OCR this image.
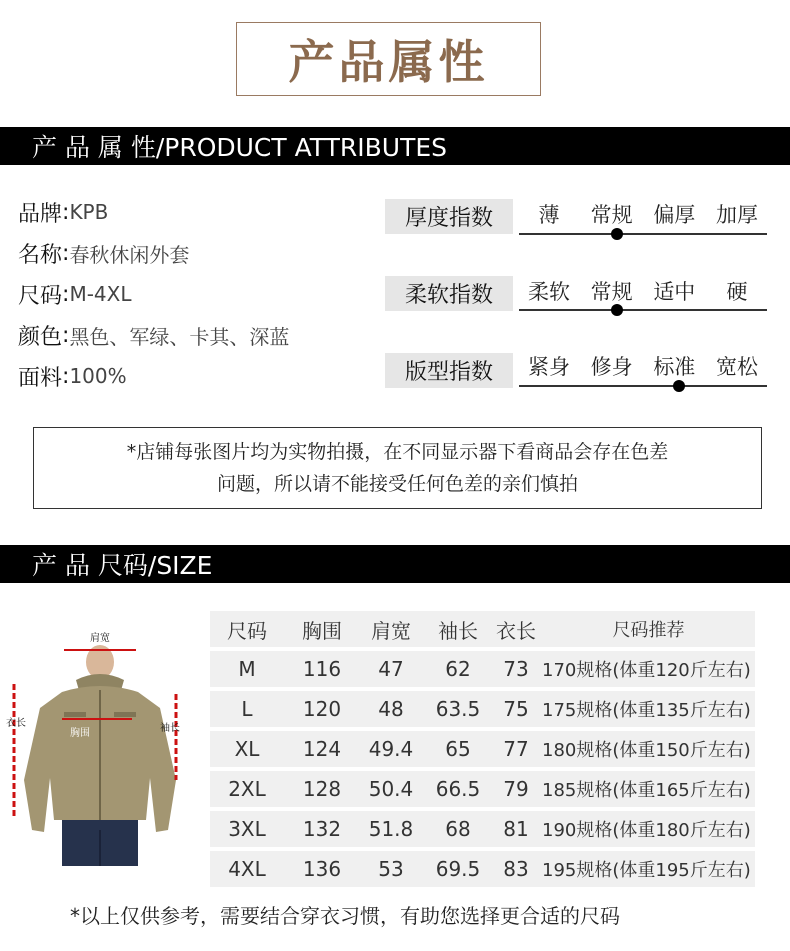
产品属性
产 品 属 性/PRODUCT ATTRIBUTES
品牌 : KPB
名称 : 春秋休闲外套
尺码 : M-4XL
颜色 : 黑色、军绿、卡其、深蓝
面料 : 100%
厚度指数	薄	常规 偏厚 加厚
柔软指数	柔软 常规 适中	硬
版型指数	紧身 修身 标准 宽松
*店铺每张图片均为实物拍摄，在不同显示器下看商品会存在色差
问题，所以请不能接受任何色差的亲们慎拍
产 品 尺码/SIZE
肩宽
衣长	袖长
胸围
尺码	胸围	肩宽	袖长	衣长	尺码推荐
M	116	47	62	73	170规格(体重120斤左右)
L	120	48	63.5	75	175规格(体重135斤左右)
XL	124	49.4	65	77	180规格(体重150斤左右)
2XL	128	50.4	66.5	79	185规格(体重165斤左右)
3XL	132	51.8	68	81	190规格(体重180斤左右)
4XL	136	53	69.5	83	195规格(体重195斤左右)
*以上仅供参考，需要结合穿衣习惯，有助您选择更合适的尺码
